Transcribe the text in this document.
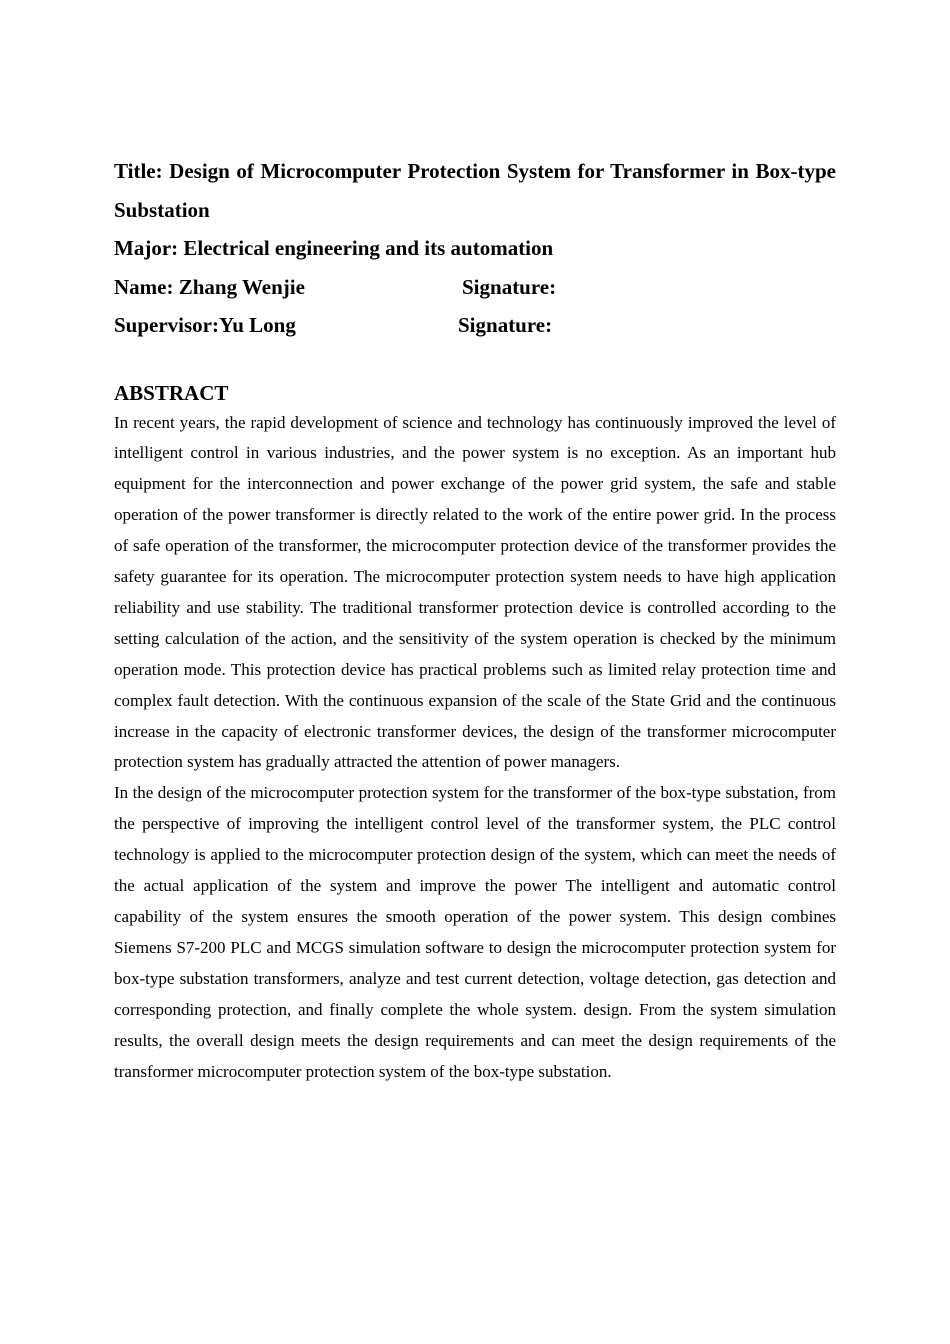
Title: Design of Microcomputer Protection System for Transformer in Box-type Substation

Major: Electrical engineering and its automation

Name: Zhang Wenjie	Signature:

Supervisor:Yu Long	Signature:

ABSTRACT

In recent years, the rapid development of science and technology has continuously improved the level of intelligent control in various industries, and the power system is no exception. As an important hub equipment for the interconnection and power exchange of the power grid system, the safe and stable operation of the power transformer is directly related to the work of the entire power grid. In the process of safe operation of the transformer, the microcomputer protection device of the transformer provides the safety guarantee for its operation. The microcomputer protection system needs to have high application reliability and use stability. The traditional transformer protection device is controlled according to the setting calculation of the action, and the sensitivity of the system operation is checked by the minimum operation mode. This protection device has practical problems such as limited relay protection time and complex fault detection. With the continuous expansion of the scale of the State Grid and the continuous increase in the capacity of electronic transformer devices, the design of the transformer microcomputer protection system has gradually attracted the attention of power managers.

In the design of the microcomputer protection system for the transformer of the box-type substation, from the perspective of improving the intelligent control level of the transformer system, the PLC control technology is applied to the microcomputer protection design of the system, which can meet the needs of the actual application of the system and improve the power The intelligent and automatic control capability of the system ensures the smooth operation of the power system. This design combines Siemens S7-200 PLC and MCGS simulation software to design the microcomputer protection system for box-type substation transformers, analyze and test current detection, voltage detection, gas detection and corresponding protection, and finally complete the whole system. design. From the system simulation results, the overall design meets the design requirements and can meet the design requirements of the transformer microcomputer protection system of the box-type substation.
